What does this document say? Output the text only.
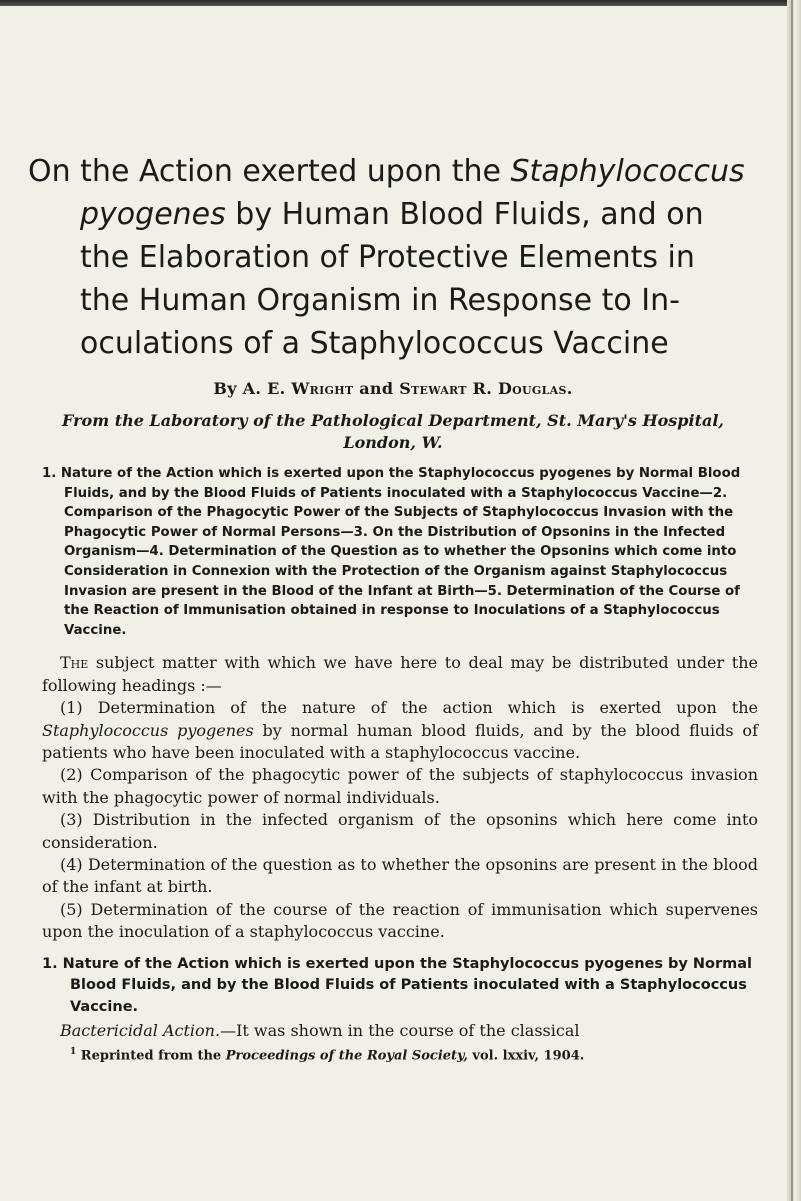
On the Action exerted upon the Staphylococcus
pyogenes by Human Blood Fluids, and on
the Elaboration of Protective Elements in
the Human Organism in Response to In-
oculations of a Staphylococcus Vaccine
By A. E. Wright and Stewart R. Douglas.
From the Laboratory of the Pathological Department, St. Mary's Hospital,
London, W.

1. Nature of the Action which is exerted upon the Staphylococcus pyogenes by Normal Blood Fluids, and by the Blood Fluids of Patients inoculated with a Staphylococcus Vaccine—2. Comparison of the Phagocytic Power of the Subjects of Staphylococcus Invasion with the Phagocytic Power of Normal Persons—3. On the Distribution of Opsonins in the Infected Organism—4. Determination of the Question as to whether the Opsonins which come into Consideration in Connexion with the Protection of the Organism against Staphylococcus Invasion are present in the Blood of the Infant at Birth—5. Determination of the Course of the Reaction of Immunisation obtained in response to Inoculations of a Staphylococcus Vaccine.

The subject matter with which we have here to deal may be distributed under the following headings :—

(1) Determination of the nature of the action which is exerted upon the Staphylococcus pyogenes by normal human blood fluids, and by the blood fluids of patients who have been inoculated with a staphylococcus vaccine.

(2) Comparison of the phagocytic power of the subjects of staphylococcus invasion with the phagocytic power of normal individuals.

(3) Distribution in the infected organism of the opsonins which here come into consideration.

(4) Determination of the question as to whether the opsonins are present in the blood of the infant at birth.

(5) Determination of the course of the reaction of immunisation which supervenes upon the inoculation of a staphylococcus vaccine.

1. Nature of the Action which is exerted upon the Staphylococcus pyogenes by Normal Blood Fluids, and by the Blood Fluids of Patients inoculated with a Staphylococcus Vaccine.

Bactericidal Action.—It was shown in the course of the classical

$^1$ Reprinted from the Proceedings of the Royal Society, vol. lxxiv, 1904.
